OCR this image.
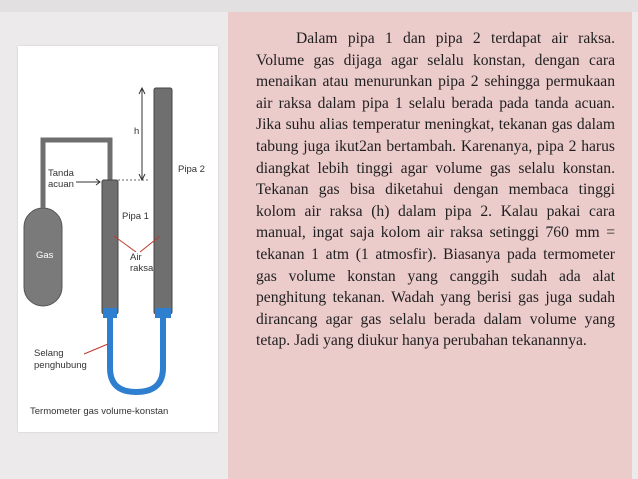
h
Pipa 2
Tanda
acuan
Pipa 1
Gas	Air
raksa
Selang
penghubung
Termometer gas volume-konstan

Dalam pipa 1 dan pipa 2 terdapat air raksa. Volume gas dijaga agar selalu konstan, dengan cara menaikan atau menurunkan pipa 2 sehingga permukaan air raksa dalam pipa 1 selalu berada pada tanda acuan. Jika suhu alias temperatur meningkat, tekanan gas dalam tabung juga ikut2an bertambah. Karenanya, pipa 2 harus diangkat lebih tinggi agar volume gas selalu konstan. Tekanan gas bisa diketahui dengan membaca tinggi kolom air raksa (h) dalam pipa 2. Kalau pakai cara manual, ingat saja kolom air raksa setinggi 760 mm = tekanan 1 atm (1 atmosfir). Biasanya pada termometer gas volume konstan yang canggih sudah ada alat penghitung tekanan. Wadah yang berisi gas juga sudah dirancang agar gas selalu berada dalam volume yang tetap. Jadi yang diukur hanya perubahan tekanannya.
